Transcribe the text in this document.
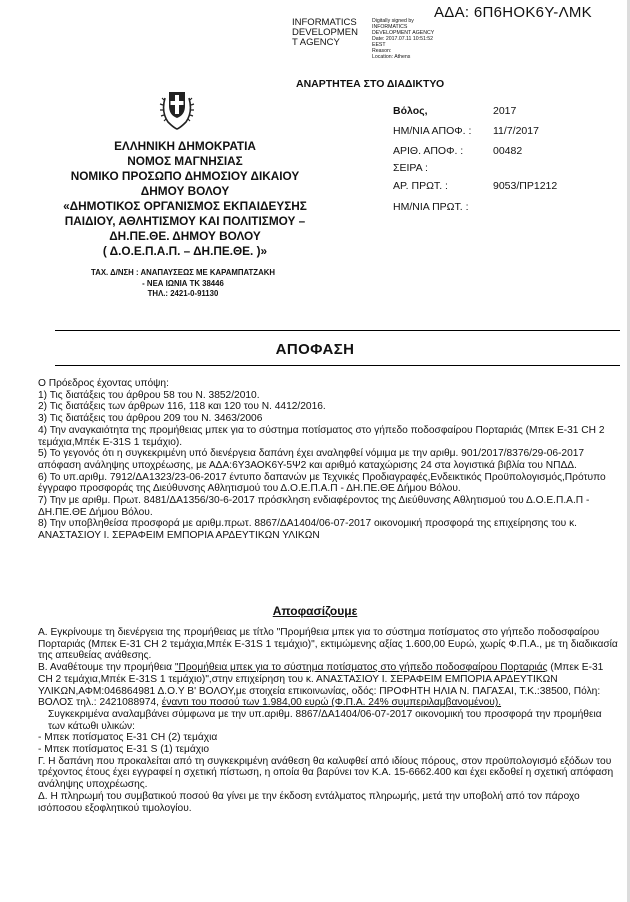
ΑΔΑ: 6Π6ΗΟΚ6Υ-ΛΜΚ
INFORMATICS
DEVELOPMEN
T AGENCY
Digitally signed by
INFORMATICS
DEVELOPMENT AGENCY
Date: 2017.07.11 10:51:52
EEST
Reason:
Location: Athens
ΑΝΑΡΤΗΤΕΑ ΣΤΟ ΔΙΑΔΙΚΤΥΟ
Βόλος,	2017
ΗΜ/ΝΙΑ ΑΠΟΦ. : 11/7/2017
ΑΡΙΘ. ΑΠΟΦ. :	00482
ΣΕΙΡΑ :
ΑΡ. ΠΡΩΤ. :	9053/ΠΡ1212
ΗΜ/ΝΙΑ ΠΡΩΤ. :
ΕΛΛΗΝΙΚΗ ΔΗΜΟΚΡΑΤΙΑ
ΝΟΜΟΣ ΜΑΓΝΗΣΙΑΣ
ΝΟΜΙΚΟ ΠΡΟΣΩΠΟ ΔΗΜΟΣΙΟΥ ΔΙΚΑΙΟΥ
ΔΗΜΟΥ ΒΟΛΟΥ
«ΔΗΜΟΤΙΚΟΣ ΟΡΓΑΝΙΣΜΟΣ ΕΚΠΑΙΔΕΥΣΗΣ
ΠΑΙΔΙΟΥ, ΑΘΛΗΤΙΣΜΟΥ ΚΑΙ ΠΟΛΙΤΙΣΜΟΥ –
ΔΗ.ΠΕ.ΘΕ. ΔΗΜΟΥ ΒΟΛΟΥ
( Δ.Ο.Ε.Π.Α.Π. – ΔΗ.ΠΕ.ΘΕ. )»
ΤΑΧ. Δ/ΝΣΗ : ΑΝΑΠΑΥΣΕΩΣ ΜΕ ΚΑΡΑΜΠΑΤΖΑΚΗ
- ΝΕΑ ΙΩΝΙΑ ΤΚ 38446
ΤΗΛ.: 2421-0-91130
ΑΠΟΦΑΣΗ

Ο Πρόεδρος έχοντας υπόψη:

1) Τις διατάξεις του άρθρου 58 του Ν. 3852/2010.

2) Τις διατάξεις των άρθρων 116, 118 και 120 του Ν. 4412/2016.

3) Τις διατάξεις του άρθρου 209 του Ν. 3463/2006

4) Την αναγκαιότητα της προμήθειας μπεκ για το σύστημα ποτίσματος στο γήπεδο ποδοσφαίρου Πορταριάς (Μπεκ Ε-31 CH 2 τεμάχια,Μπέκ Ε-31S 1 τεμάχιο).

5) Το γεγονός ότι η συγκεκριμένη υπό διενέργεια δαπάνη έχει αναληφθεί νόμιμα με την αριθμ. 901/2017/8376/29-06-2017 απόφαση ανάληψης υποχρέωσης, με ΑΔΑ:6Υ3ΑΟΚ6Υ-5Ψ2 και αριθμό καταχώρισης 24 στα λογιστικά βιβλία του ΝΠΔΔ.

6) Το υπ.αριθμ. 7912/ΔΑ1323/23-06-2017 έντυπο δαπανών με Τεχνικές Προδιαγραφές,Ενδεικτικός Προϋπολογισμός,Πρότυπο έγγραφο προσφοράς της Διεύθυνσης Αθλητισμού του Δ.Ο.Ε.Π.Α.Π - ΔΗ.ΠΕ.ΘΕ Δήμου Βόλου.

7) Την με αριθμ. Πρωτ. 8481/ΔΑ1356/30-6-2017 πρόσκληση ενδιαφέροντος της Διεύθυνσης Αθλητισμού του Δ.Ο.Ε.Π.Α.Π - ΔΗ.ΠΕ.ΘΕ Δήμου Βόλου.

8) Την υποβληθείσα προσφορά με αριθμ.πρωτ. 8867/ΔΑ1404/06-07-2017 οικονομική προσφορά της επιχείρησης του κ. ΑΝΑΣΤΑΣΙΟΥ Ι. ΣΕΡΑΦΕΙΜ ΕΜΠΟΡΙΑ ΑΡΔΕΥΤΙΚΩΝ ΥΛΙΚΩΝ

Αποφασίζουμε

Α. Εγκρίνουμε τη διενέργεια της προμήθειας με τίτλο "Προμήθεια μπεκ για το σύστημα ποτίσματος στο γήπεδο ποδοσφαίρου Πορταριάς (Μπεκ Ε-31 CH 2 τεμάχια,Μπέκ Ε-31S 1 τεμάχιο)", εκτιμώμενης αξίας 1.600,00 Ευρώ, χωρίς Φ.Π.Α., με τη διαδικασία της απευθείας ανάθεσης.

Β. Αναθέτουμε την προμήθεια "Προμήθεια μπεκ για το σύστημα ποτίσματος στο γήπεδο ποδοσφαίρου Πορταριάς (Μπεκ Ε-31 CH 2 τεμάχια,Μπέκ Ε-31S 1 τεμάχιο)",στην επιχείρηση του κ. ΑΝΑΣΤΑΣΙΟΥ Ι. ΣΕΡΑΦΕΙΜ ΕΜΠΟΡΙΑ ΑΡΔΕΥΤΙΚΩΝ ΥΛΙΚΩΝ,ΑΦΜ:046864981 Δ.Ο.Υ Β' ΒΟΛΟΥ,με στοιχεία επικοινωνίας, οδός: ΠΡΟΦΗΤΗ ΗΛΙΑ Ν. ΠΑΓΑΣΑΙ, Τ.Κ.:38500, Πόλη: ΒΟΛΟΣ τηλ.: 2421088974, έναντι του ποσού των 1.984,00 ευρώ (Φ.Π.Α. 24% συμπεριλαμβανομένου).

Συγκεκριμένα αναλαμβάνει σύμφωνα με την υπ.αριθμ. 8867/ΔΑ1404/06-07-2017 οικονομική του προσφορά την προμήθεια των κάτωθι υλικών:

- Μπεκ ποτίσματος Ε-31 CH (2) τεμάχια

- Μπεκ ποτίσματος Ε-31 S (1) τεμάχιο

Γ. Η δαπάνη που προκαλείται από τη συγκεκριμένη ανάθεση θα καλυφθεί από ιδίους πόρους, στον προϋπολογισμό εξόδων του τρέχοντος έτους έχει εγγραφεί η σχετική πίστωση, η οποία θα βαρύνει τον Κ.Α. 15-6662.400 και έχει εκδοθεί η σχετική απόφαση ανάληψης υποχρέωσης.

Δ. Η πληρωμή του συμβατικού ποσού θα γίνει με την έκδοση εντάλματος πληρωμής, μετά την υποβολή από τον πάροχο ισόποσου εξοφλητικού τιμολογίου.
